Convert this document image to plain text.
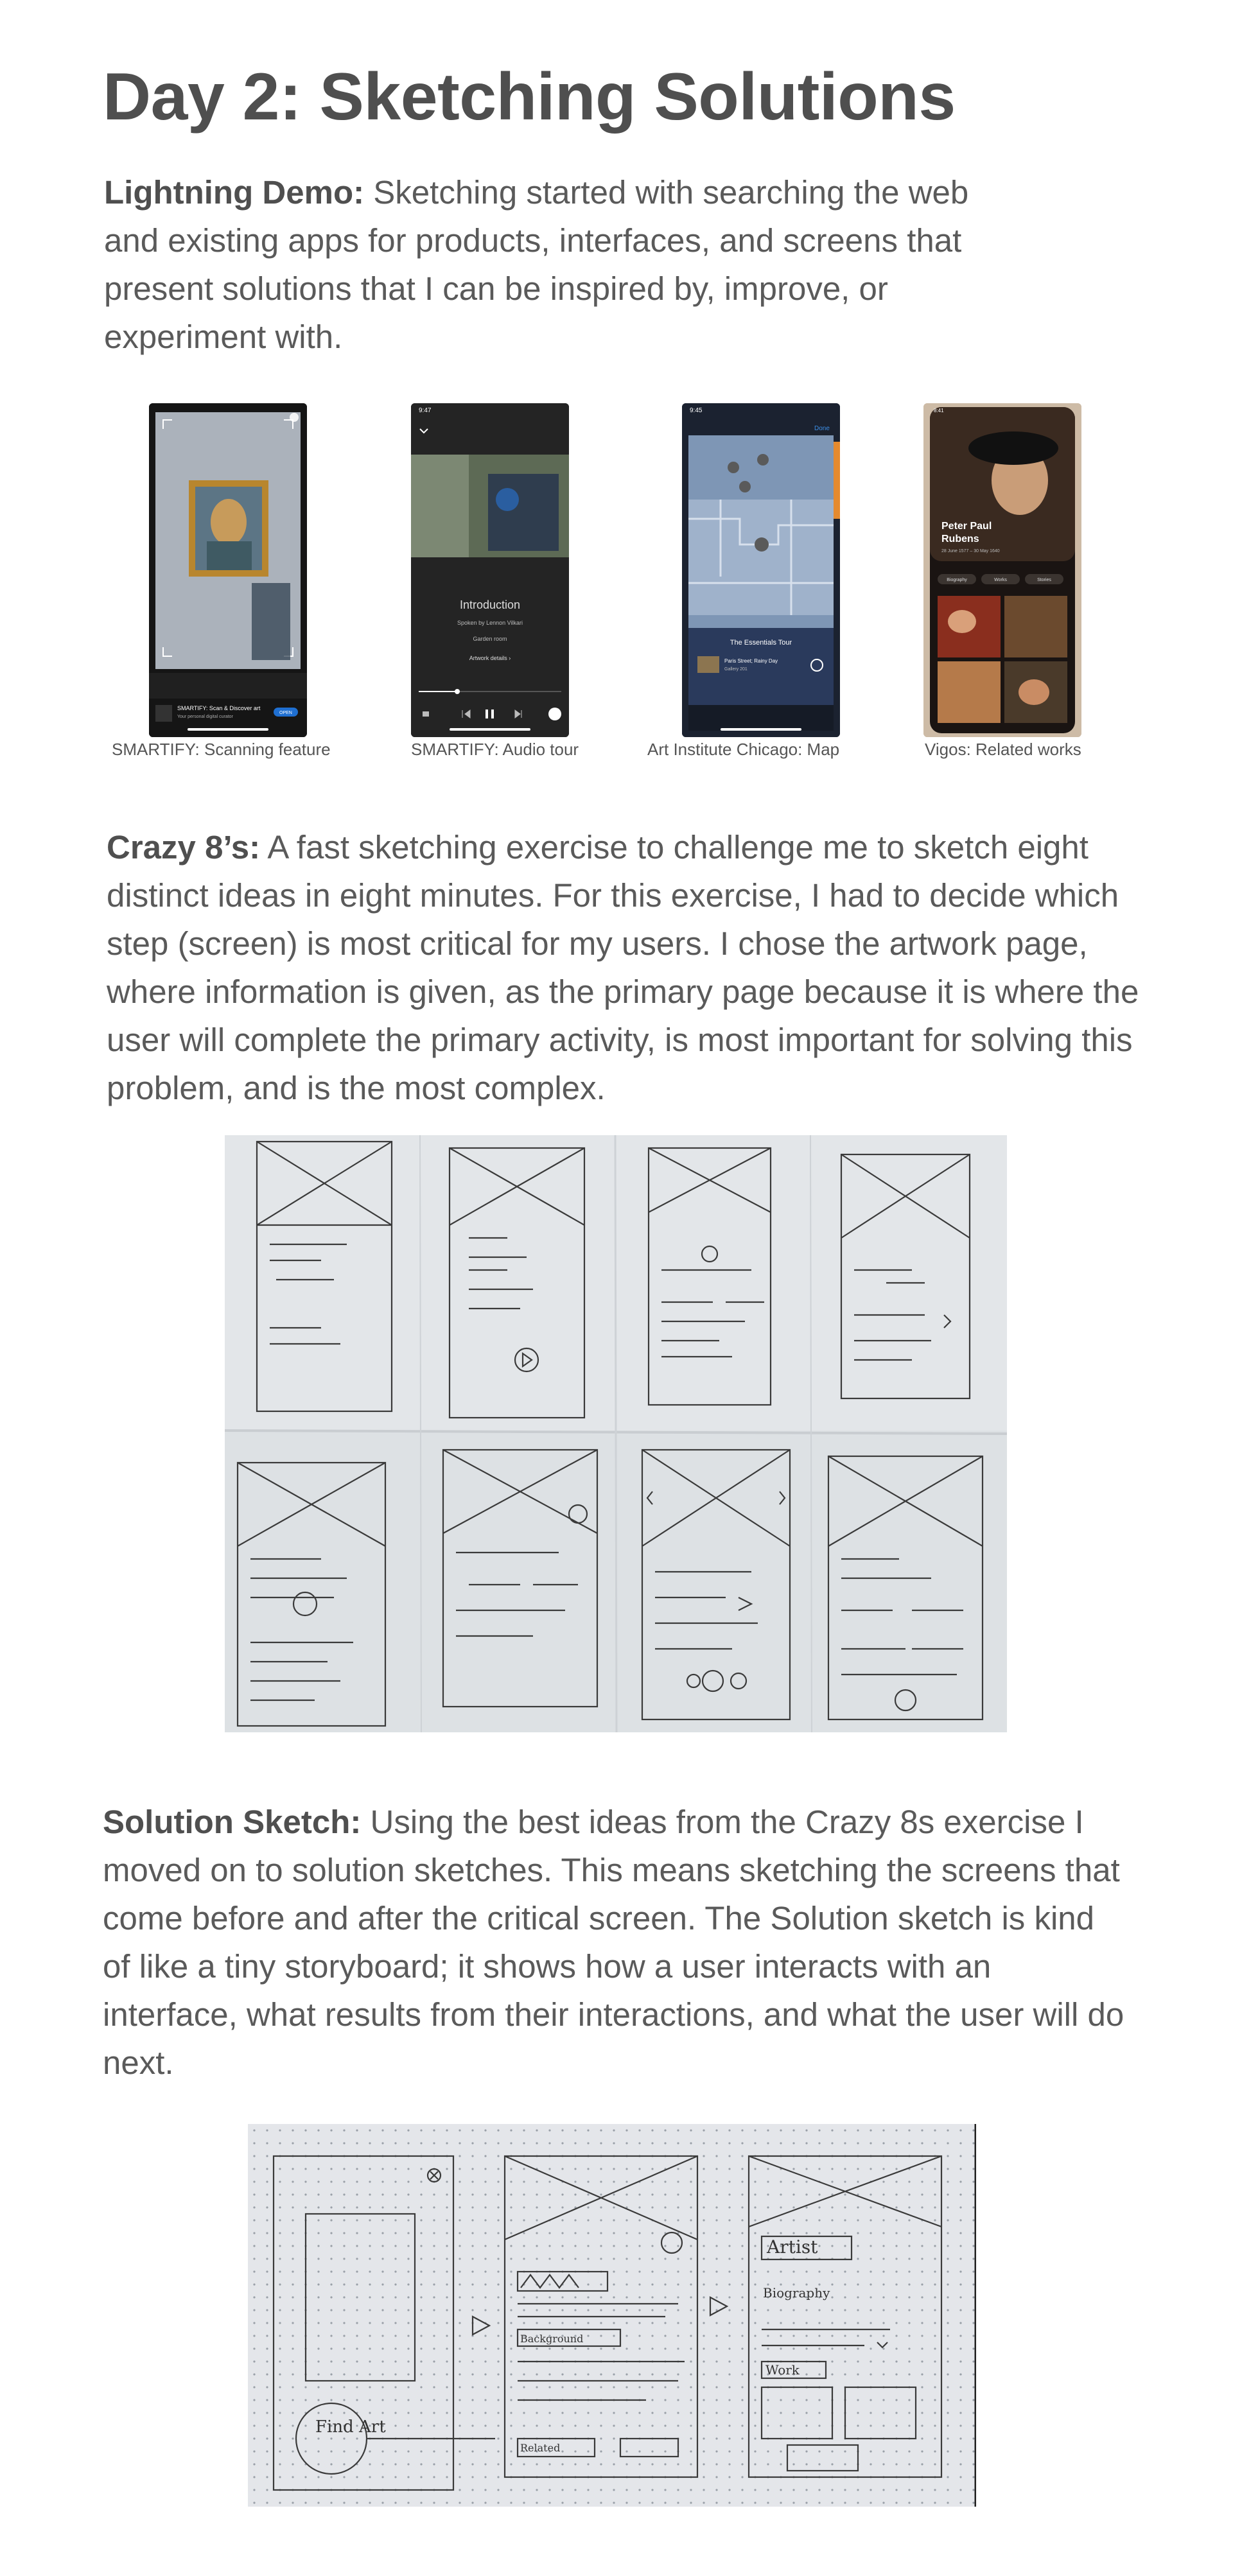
Day 2: Sketching Solutions

Lightning Demo: Sketching started with searching the web and existing apps for products, interfaces, and screens that present solutions that I can be inspired by, improve, or experiment with.

SMARTIFY: Scan & Discover art
Your personal digital curator
OPEN
SMARTIFY: Scanning feature
9:47
Introduction
Spoken by Lennon Vilkari
Garden room
Artwork details ›
SMARTIFY: Audio tour
9:45
Done
The Essentials Tour
Paris Street; Rainy Day
Gallery 201
Art Institute Chicago: Map
8:41
Peter Paul
Rubens
28 June 1577 – 30 May 1640
Biography	Works	Stories
Vigos: Related works

Crazy 8’s: A fast sketching exercise to challenge me to sketch eight distinct ideas in eight minutes. For this exercise, I had to decide which step (screen) is most critical for my users. I chose the artwork page, where information is given, as the primary page because it is where the user will complete the primary activity, is most important for solving this problem, and is the most complex.

Solution Sketch: Using the best ideas from the Crazy 8s exercise I moved on to solution sketches. This means sketching the screens that come before and after the critical screen. The Solution sketch is kind of like a tiny storyboard; it shows how a user interacts with an interface, what results from their interactions, and what the user will do next.

Find Art
Artist
Biography
Work
Background
Related
